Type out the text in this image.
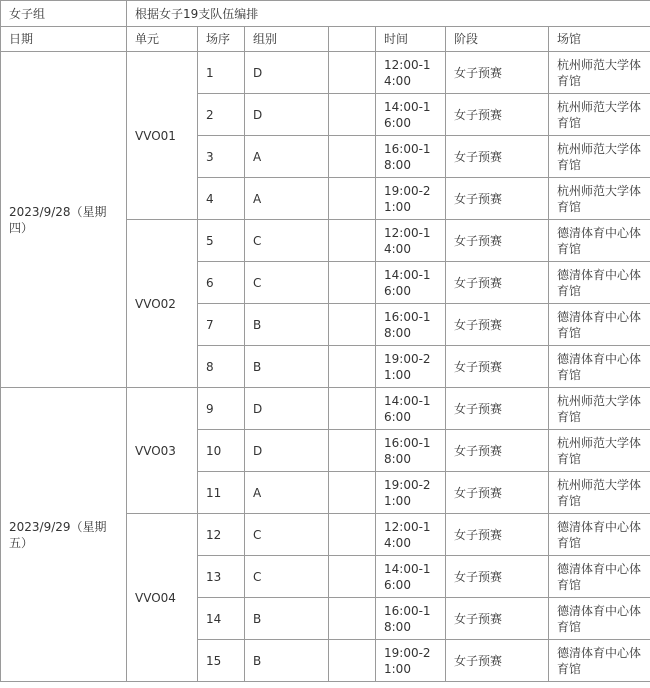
女子组	根据女子19支队伍编排						
日期	单元	场序	组别		时间	阶段	场馆
2023/9/28（星期四）	VVO01	1	D		12:00-14:00	女子预赛	杭州师范大学体育馆
		2	D		14:00-16:00	女子预赛	杭州师范大学体育馆
		3	A		16:00-18:00	女子预赛	杭州师范大学体育馆
		4	A		19:00-21:00	女子预赛	杭州师范大学体育馆
	VVO02	5	C		12:00-14:00	女子预赛	德清体育中心体育馆
		6	C		14:00-16:00	女子预赛	德清体育中心体育馆
		7	B		16:00-18:00	女子预赛	德清体育中心体育馆
		8	B		19:00-21:00	女子预赛	德清体育中心体育馆
2023/9/29（星期五）	VVO03	9	D		14:00-16:00	女子预赛	杭州师范大学体育馆
		10	D		16:00-18:00	女子预赛	杭州师范大学体育馆
		11	A		19:00-21:00	女子预赛	杭州师范大学体育馆
	VVO04	12	C		12:00-14:00	女子预赛	德清体育中心体育馆
		13	C		14:00-16:00	女子预赛	德清体育中心体育馆
		14	B		16:00-18:00	女子预赛	德清体育中心体育馆
		15	B		19:00-21:00	女子预赛	德清体育中心体育馆
